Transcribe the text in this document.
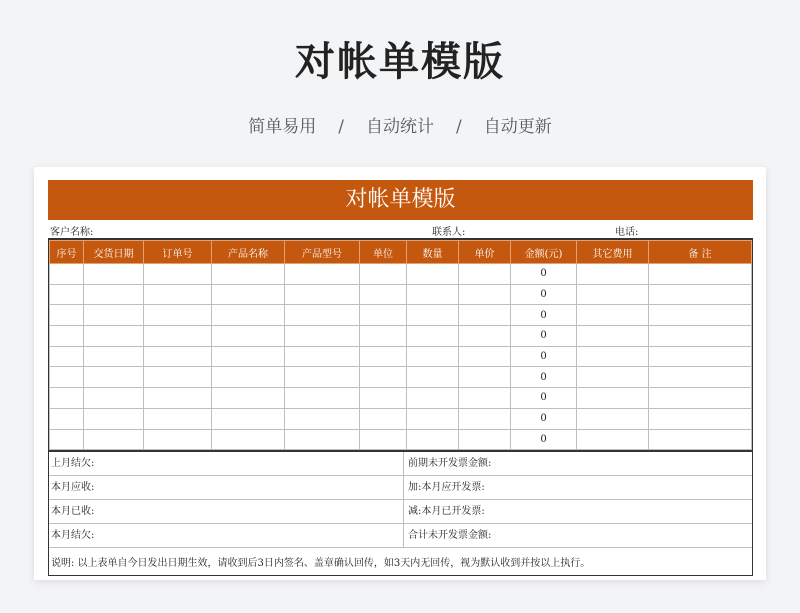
对帐单模版
简单易用 / 自动统计 / 自动更新
对帐单模版
客户名称:	联系人:	电话:
序号	交货日期	订单号	产品名称	产品型号	单位	数量	单价	金额(元)	其它费用	备 注
								0		
								0		
								0		
								0		
								0		
								0		
								0		
								0		
								0		
上月结欠:	前期未开发票金额:
本月应收:	加:本月应开发票:
本月已收:	减:本月已开发票:
本月结欠:	合计未开发票金额:
说明: 以上表单自今日发出日期生效，请收到后3日内签名、盖章确认回传，如3天内无回传，视为默认收到并按以上执行。
